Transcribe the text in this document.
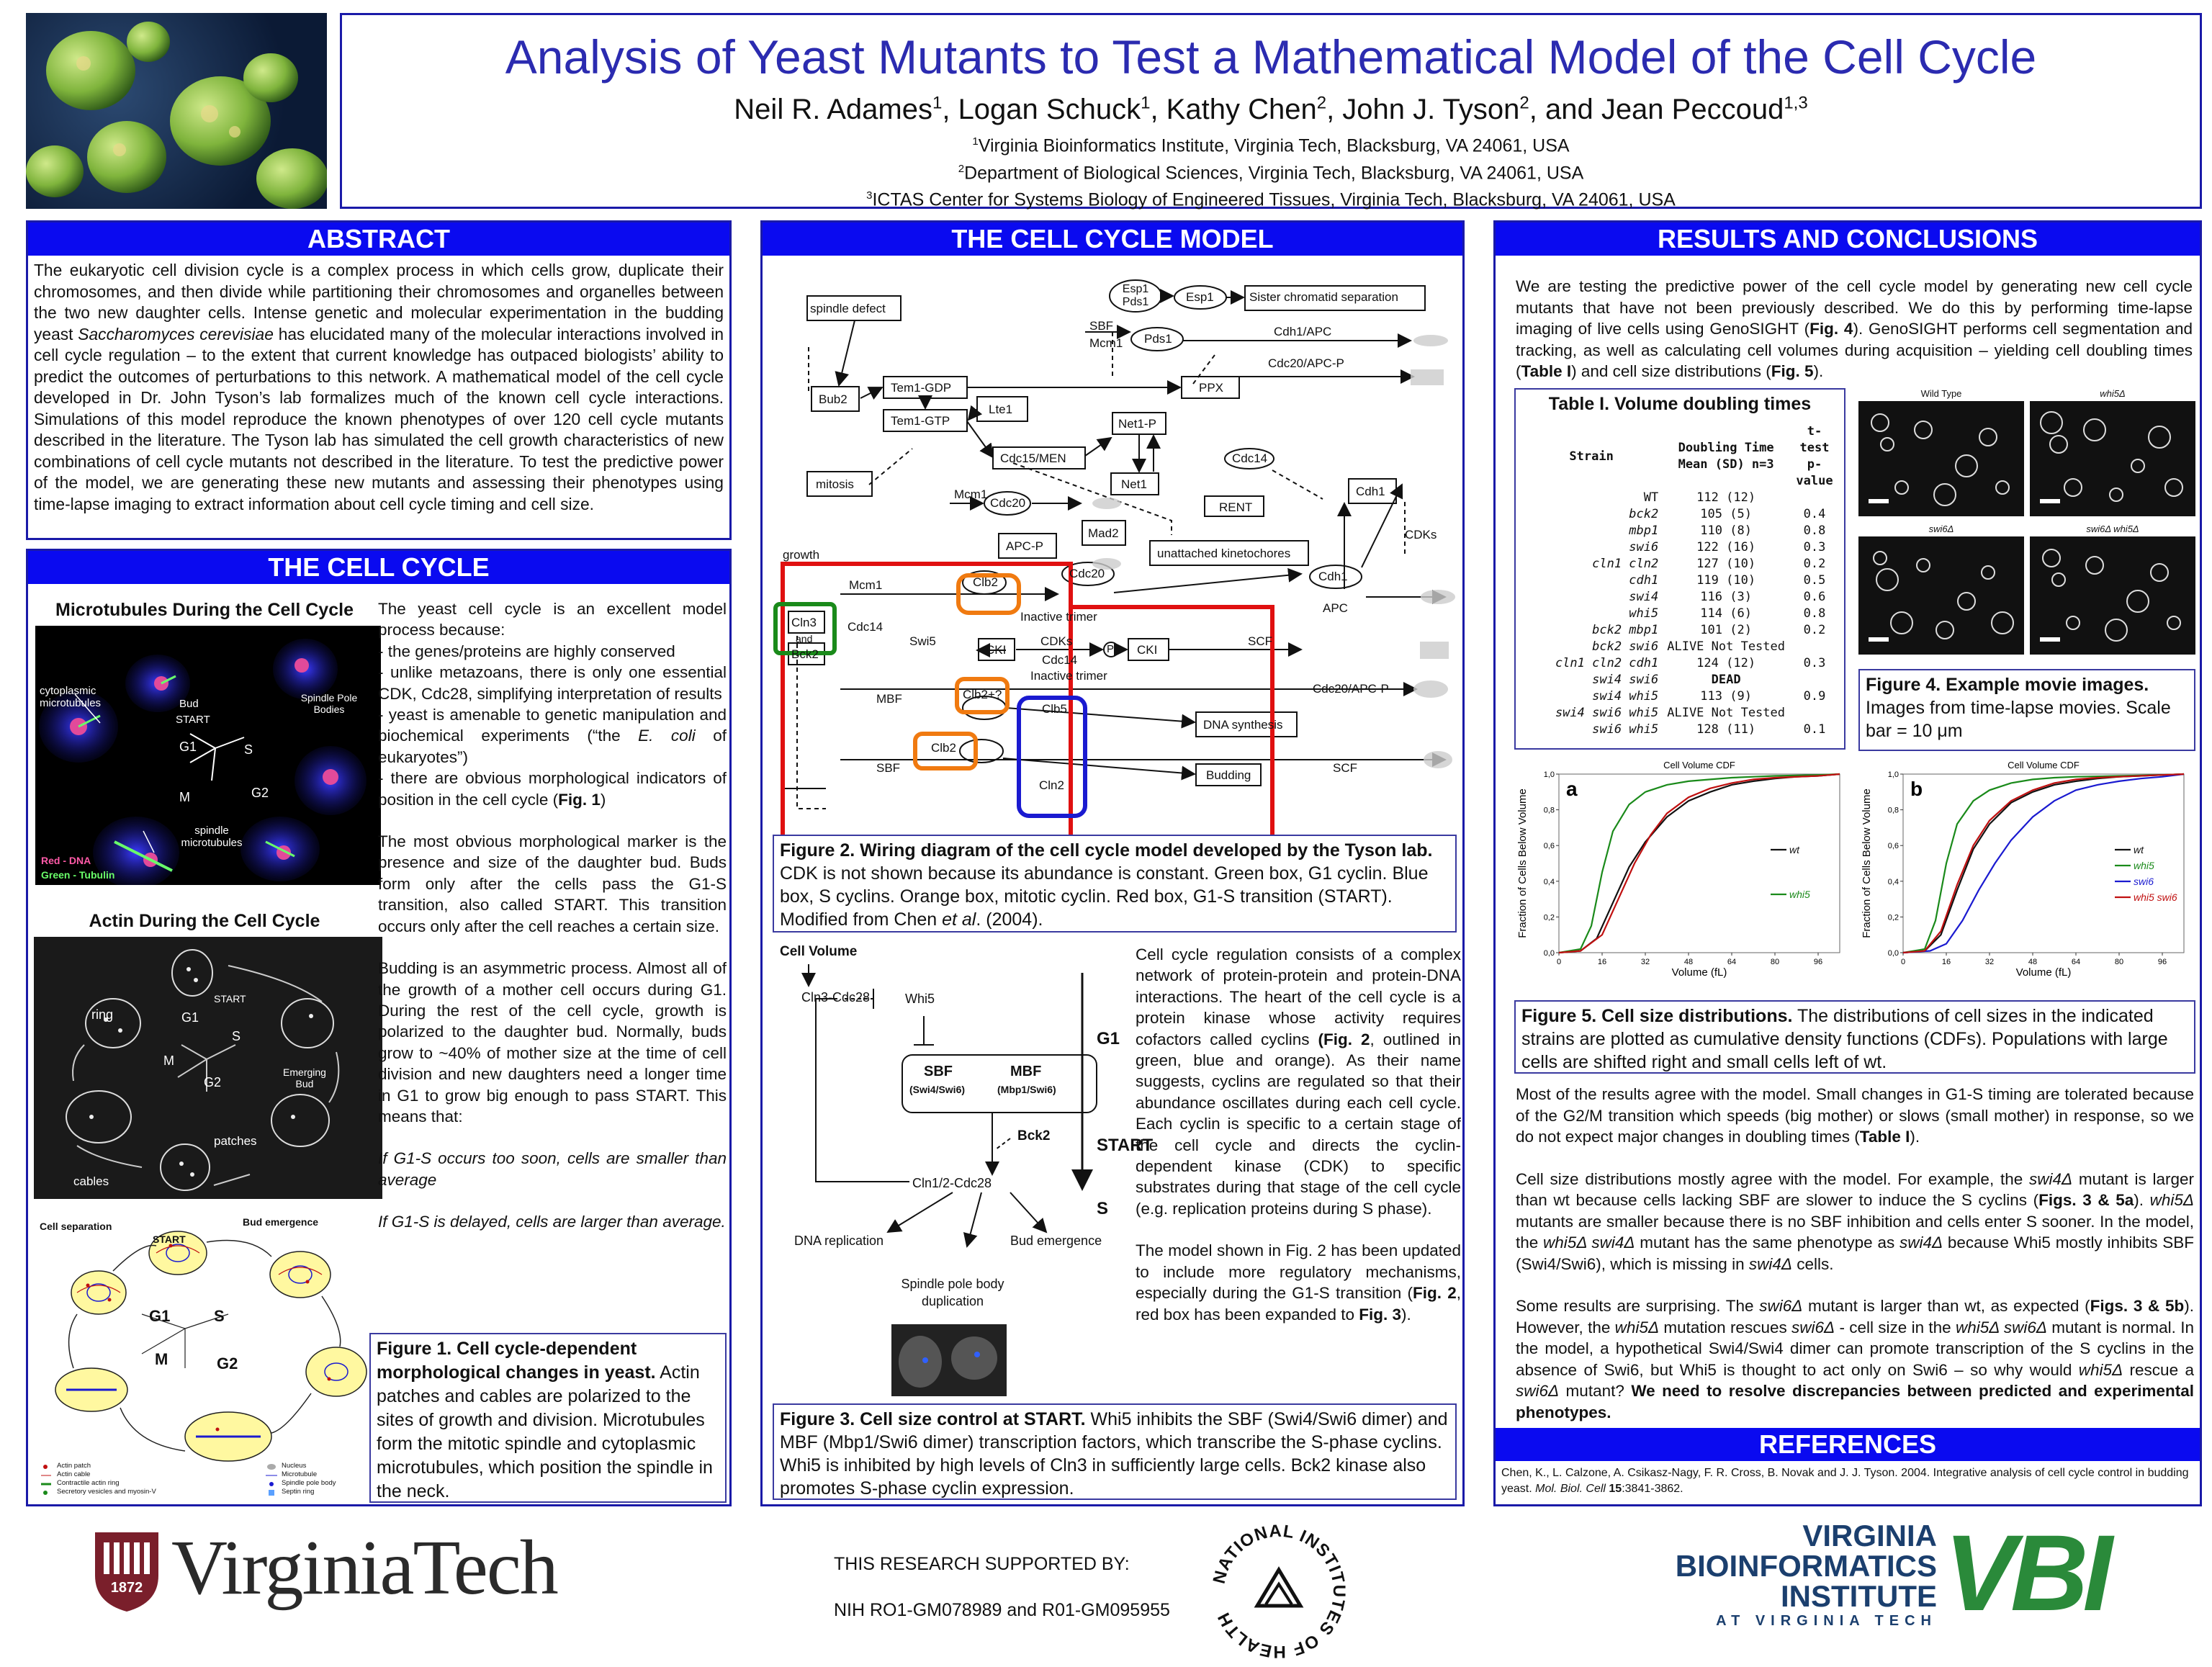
Analysis of Yeast Mutants to Test a Mathematical Model of the Cell Cycle
Neil R. Adames$^1$, Logan Schuck$^1$, Kathy Chen$^2$, John J. Tyson$^2$, and Jean Peccoud$^{1,3}$
$^1$Virginia Bioinformatics Institute, Virginia Tech, Blacksburg, VA 24061, USA
$^2$Department of Biological Sciences, Virginia Tech, Blacksburg, VA 24061, USA
$^3$ICTAS Center for Systems Biology of Engineered Tissues, Virginia Tech, Blacksburg, VA 24061, USA
ABSTRACT
The eukaryotic cell division cycle is a complex process in which cells grow, duplicate their chromosomes, and then divide while partitioning their chromosomes and organelles between the two new daughter cells. Intense genetic and molecular experimentation in the budding yeast Saccharomyces cerevisiae has elucidated many of the molecular interactions involved in cell cycle regulation – to the extent that current knowledge has outpaced biologists’ ability to predict the outcomes of perturbations to this network. A mathematical model of the cell cycle developed in Dr. John Tyson’s lab formalizes much of the known cell cycle interactions. Simulations of this model reproduce the known phenotypes of over 120 cell cycle mutants described in the literature. The Tyson lab has simulated the cell growth characteristics of new combinations of cell cycle mutants not described in the literature. To test the predictive power of the model, we are generating these new mutants and assessing their phenotypes using time-lapse imaging to extract information about cell cycle timing and cell size.
THE CELL CYCLE
Microtubules During the Cell Cycle
cytoplasmic microtubules	Bud
START
Spindle Pole Bodies
G1	S
M	G2
spindle microtubules
Red - DNA
Green - Tubulin
Actin During the Cell Cycle
ring	G1
START
S
M
G2
Emerging Bud
patches
cables
Cell separation	Bud emergence
START
G1	S
M	G2
Actin patch
Actin cable
Contractile actin ring
Secretory vesicles and myosin-V
Nucleus
Microtubule
Spindle pole body
Septin ring
The yeast cell cycle is an excellent model process because:
- the genes/proteins are highly conserved
- unlike metazoans, there is only one essential CDK, Cdc28, simplifying interpretation of results
- yeast is amenable to genetic manipulation and biochemical experiments (“the E. coli of eukaryotes”)
- there are obvious morphological indicators of position in the cell cycle (Fig. 1)
The most obvious morphological marker is the presence and size of the daughter bud. Buds form only after the cells pass the G1-S transition, also called START. This transition occurs only after the cell reaches a certain size.
Budding is an asymmetric process. Almost all of the growth of a mother cell occurs during G1. During the rest of the cell cycle, growth is polarized to the daughter bud. Normally, buds grow to ~40% of mother size at the time of cell division and new daughters need a longer time in G1 to grow big enough to pass START. This means that:
If G1-S occurs too soon, cells are smaller than average
If G1-S is delayed, cells are larger than average.
Figure 1. Cell cycle-dependent morphological changes in yeast. Actin patches and cables are polarized to the sites of growth and division. Microtubules form the mitotic spindle and cytoplasmic microtubules, which position the spindle in the neck.
THE CELL CYCLE MODEL
spindle defect
Esp1 Pds1	Esp1	Sister chromatid separation
SBF
Mcm1 Pds1
Cdh1/APC
Cdc20/APC-P
Bub2
Tem1-GDP
Tem1-GTP
Lte1
PPX
Net1-P
Cdc15/MEN	Cdc14
Net1
RENT
mitosis
Mcm1
Cdc20
Cdh1
Mad2	CDKs
APC-P
unattached kinetochores
growth
Cdc20	Cdh1
Mcm1	Clb2
APC
Cln3
and
Bck2
Inactive trimer
Cdc14
Swi5
CKI
CDKs
Cdc14
P CKI
SCF
Clb2+?
Inactive trimer
MBF
Clb5
Cdc20/APC-P
Clb2
DNA synthesis
SBF
Cln2
SCF
Budding
Figure 2. Wiring diagram of the cell cycle model developed by the Tyson lab. CDK is not shown because its abundance is constant. Green box, G1 cyclin. Blue box, S cyclins. Orange box, mitotic cyclin. Red box, G1-S transition (START). Modified from Chen et al. (2004).
Cell Volume
Cln3-Cdc28	Whi5
SBF	MBF
(Swi4/Swi6)	(Mbp1/Swi6)
Bck2
Cln1/2-Cdc28
G1
START
S
DNA replication
Spindle pole body duplication
Bud emergence
Cell cycle regulation consists of a complex network of protein-protein and protein-DNA interactions. The heart of the cell cycle is a protein kinase whose activity requires cofactors called cyclins (Fig. 2, outlined in green, blue and orange). As their name suggests, cyclins are regulated so that their abundance oscillates during each cell cycle. Each cyclin is specific to a certain stage of the cell cycle and directs the cyclin-dependent kinase (CDK) to specific substrates during that stage of the cell cycle (e.g. replication proteins during S phase).
The model shown in Fig. 2 has been updated to include more regulatory mechanisms, especially during the G1-S transition (Fig. 2, red box has been expanded to Fig. 3).
Figure 3. Cell size control at START. Whi5 inhibits the SBF (Swi4/Swi6 dimer) and MBF (Mbp1/Swi6 dimer) transcription factors, which transcribe the S-phase cyclins. Whi5 is inhibited by high levels of Cln3 in sufficiently large cells. Bck2 kinase also promotes S-phase cyclin expression.
RESULTS AND CONCLUSIONS
We are testing the predictive power of the cell cycle model by generating new cell cycle mutants that have not been previously described. We do this by performing time-lapse imaging of live cells using GenoSIGHT (Fig. 4). GenoSIGHT performs cell segmentation and tracking, as well as calculating cell volumes during acquisition – yielding cell doubling times (Table I) and cell size distributions (Fig. 5).
Table I. Volume doubling times
Strain	Doubling Time Mean (SD) n=3	t-test p-value
WT	112 (12)	
bck2	105 (5)	0.4
mbp1	110 (8)	0.8
swi6	122 (16)	0.3
cln1 cln2	127 (10)	0.2
cdh1	119 (10)	0.5
swi4	116 (3)	0.6
whi5	114 (6)	0.8
bck2 mbp1	101 (2)	0.2
bck2 swi6	ALIVE Not Tested	
cln1 cln2 cdh1	124 (12)	0.3
swi4 swi6	DEAD	
swi4 whi5	113 (9)	0.9
swi4 swi6 whi5	ALIVE Not Tested	
swi6 whi5	128 (11)	0.1
Wild Type	whi5Δ
swi6Δ	swi6Δ whi5Δ
Figure 4. Example movie images. Images from time-lapse movies. Scale bar = 10 μm
Cell Volume CDF
0	16	32	48	64	80	96
0,0
0,2
0,4
0,6
0,8
1,0
Volume (fL)
Fraction of Cells Below Volume a
wt
whi5
Cell Volume CDF
0	16	32	48	64	80	96
0,0
0,2
0,4
0,6
0,8
1,0
Volume (fL)
Fraction of Cells Below Volume b
wt
whi5
swi6
whi5 swi6
Figure 5. Cell size distributions. The distributions of cell sizes in the indicated strains are plotted as cumulative density functions (CDFs). Populations with large cells are shifted right and small cells left of wt.
Most of the results agree with the model. Small changes in G1-S timing are tolerated because of the G2/M transition which speeds (big mother) or slows (small mother) in response, so we do not expect major changes in doubling times (Table I).
Cell size distributions mostly agree with the model. For example, the swi4Δ mutant is larger than wt because cells lacking SBF are slower to induce the S cyclins (Figs. 3 & 5a). whi5Δ mutants are smaller because there is no SBF inhibition and cells enter S sooner. In the model, the whi5Δ swi4Δ mutant has the same phenotype as swi4Δ because Whi5 mostly inhibits SBF (Swi4/Swi6), which is missing in swi4Δ cells.
Some results are surprising. The swi6Δ mutant is larger than wt, as expected (Figs. 3 & 5b). However, the whi5Δ mutation rescues swi6Δ - cell size in the whi5Δ swi6Δ mutant is normal. In the model, a hypothetical Swi4/Swi4 dimer can promote transcription of the S cyclins in the absence of Swi6, but Whi5 is thought to act only on Swi6 – so why would whi5Δ rescue a swi6Δ mutant? We need to resolve discrepancies between predicted and experimental phenotypes.
REFERENCES
Chen, K., L. Calzone, A. Csikasz-Nagy, F. R. Cross, B. Novak and J. J. Tyson. 2004. Integrative analysis of cell cycle control in budding yeast. Mol. Biol. Cell 15:3841-3862.
1872 VirginiaTech	THIS RESEARCH SUPPORTED BY:
NIH RO1-GM078989 and R01-GM095955
NATIONAL INSTITUTES OF HEALTH
VIRGINIA
BIOINFORMATICS
INSTITUTE
AT VIRGINIA TECH VBI
